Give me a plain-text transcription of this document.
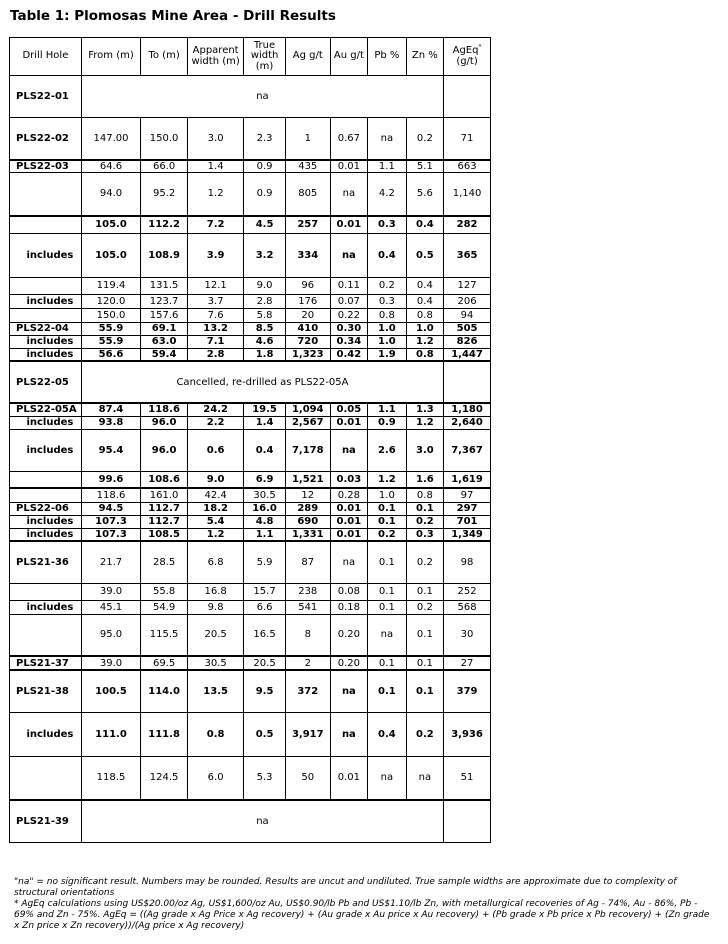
Table 1: Plomosas Mine Area - Drill Results
Drill Hole	From (m)	To (m)	Apparent width (m)	True width (m)	Ag g/t	Au g/t	Pb %	Zn %	AgEq*
(g/t)
PLS22-01	na								
PLS22-02	147.00	150.0	3.0	2.3	1	0.67	na	0.2	71
PLS22-03	64.6	66.0	1.4	0.9	435	0.01	1.1	5.1	663
	94.0	95.2	1.2	0.9	805	na	4.2	5.6	1,140
	105.0	112.2	7.2	4.5	257	0.01	0.3	0.4	282
includes	105.0	108.9	3.9	3.2	334	na	0.4	0.5	365
	119.4	131.5	12.1	9.0	96	0.11	0.2	0.4	127
includes	120.0	123.7	3.7	2.8	176	0.07	0.3	0.4	206
	150.0	157.6	7.6	5.8	20	0.22	0.8	0.8	94
PLS22-04	55.9	69.1	13.2	8.5	410	0.30	1.0	1.0	505
includes	55.9	63.0	7.1	4.6	720	0.34	1.0	1.2	826
includes	56.6	59.4	2.8	1.8	1,323	0.42	1.9	0.8	1,447
PLS22-05	Cancelled, re-drilled as PLS22-05A								
PLS22-05A	87.4	118.6	24.2	19.5	1,094	0.05	1.1	1.3	1,180
includes	93.8	96.0	2.2	1.4	2,567	0.01	0.9	1.2	2,640
includes	95.4	96.0	0.6	0.4	7,178	na	2.6	3.0	7,367
	99.6	108.6	9.0	6.9	1,521	0.03	1.2	1.6	1,619
	118.6	161.0	42.4	30.5	12	0.28	1.0	0.8	97
PLS22-06	94.5	112.7	18.2	16.0	289	0.01	0.1	0.1	297
includes	107.3	112.7	5.4	4.8	690	0.01	0.1	0.2	701
includes	107.3	108.5	1.2	1.1	1,331	0.01	0.2	0.3	1,349
PLS21-36	21.7	28.5	6.8	5.9	87	na	0.1	0.2	98
	39.0	55.8	16.8	15.7	238	0.08	0.1	0.1	252
includes	45.1	54.9	9.8	6.6	541	0.18	0.1	0.2	568
	95.0	115.5	20.5	16.5	8	0.20	na	0.1	30
PLS21-37	39.0	69.5	30.5	20.5	2	0.20	0.1	0.1	27
PLS21-38	100.5	114.0	13.5	9.5	372	na	0.1	0.1	379
includes	111.0	111.8	0.8	0.5	3,917	na	0.4	0.2	3,936
	118.5	124.5	6.0	5.3	50	0.01	na	na	51
PLS21-39	na								
"na" = no significant result. Numbers may be rounded. Results are uncut and undiluted. True sample widths are approximate due to complexity of structural orientations
* AgEq calculations using US$20.00/oz Ag, US$1,600/oz Au, US$0.90/lb Pb and US$1.10/lb Zn, with metallurgical recoveries of Ag - 74%, Au - 86%, Pb - 69% and Zn - 75%. AgEq = ((Ag grade x Ag Price x Ag recovery) + (Au grade x Au price x Au recovery) + (Pb grade x Pb price x Pb recovery) + (Zn grade x Zn price x Zn recovery))/(Ag price x Ag recovery)
